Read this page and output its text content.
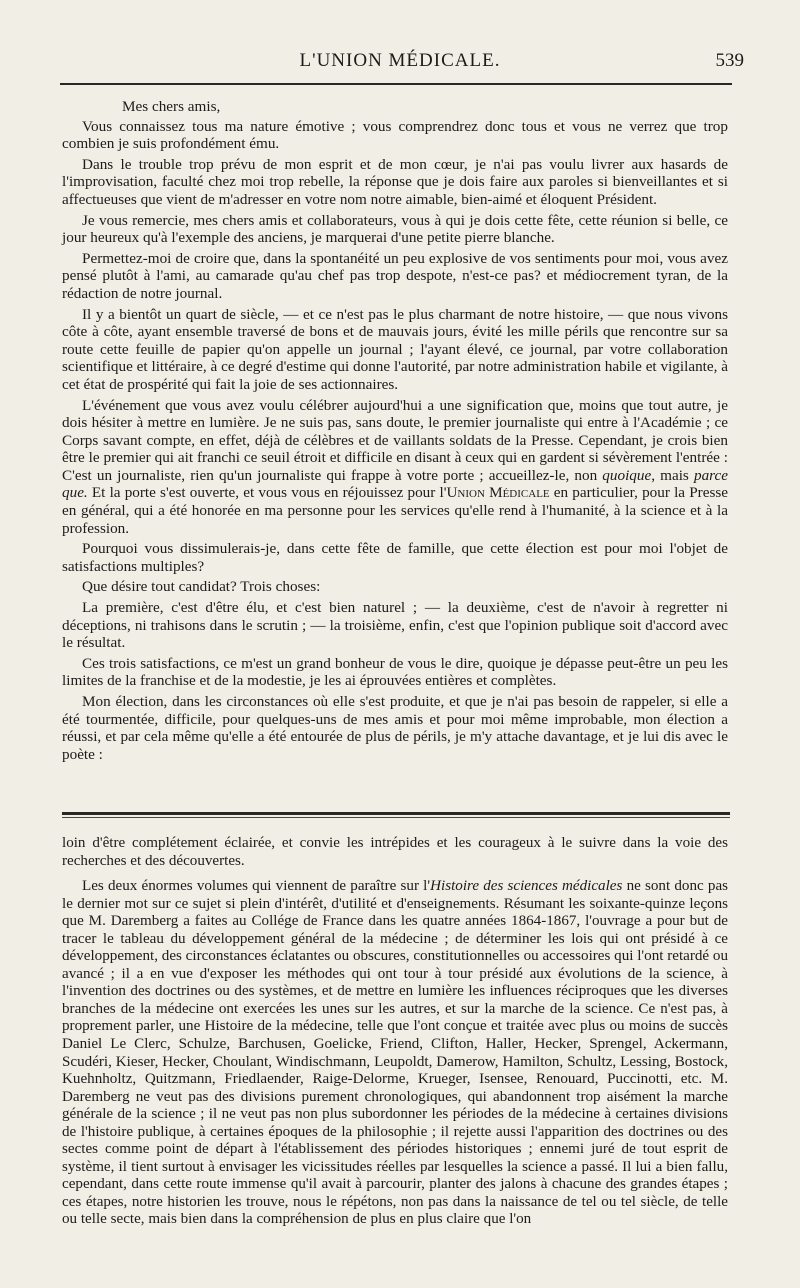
L'UNION MÉDICALE.	539

Mes chers amis,

Vous connaissez tous ma nature émotive ; vous comprendrez donc tous et vous ne verrez que trop combien je suis profondément ému.

Dans le trouble trop prévu de mon esprit et de mon cœur, je n'ai pas voulu livrer aux hasards de l'improvisation, faculté chez moi trop rebelle, la réponse que je dois faire aux paroles si bienveillantes et si affectueuses que vient de m'adresser en votre nom notre aimable, bien-aimé et éloquent Président.

Je vous remercie, mes chers amis et collaborateurs, vous à qui je dois cette fête, cette réunion si belle, ce jour heureux qu'à l'exemple des anciens, je marquerai d'une petite pierre blanche.

Permettez-moi de croire que, dans la spontanéité un peu explosive de vos sentiments pour moi, vous avez pensé plutôt à l'ami, au camarade qu'au chef pas trop despote, n'est-ce pas? et médiocrement tyran, de la rédaction de notre journal.

Il y a bientôt un quart de siècle, — et ce n'est pas le plus charmant de notre histoire, — que nous vivons côte à côte, ayant ensemble traversé de bons et de mauvais jours, évité les mille périls que rencontre sur sa route cette feuille de papier qu'on appelle un journal ; l'ayant élevé, ce journal, par votre collaboration scientifique et littéraire, à ce degré d'estime qui donne l'autorité, par notre administration habile et vigilante, à cet état de prospérité qui fait la joie de ses actionnaires.

L'événement que vous avez voulu célébrer aujourd'hui a une signification que, moins que tout autre, je dois hésiter à mettre en lumière. Je ne suis pas, sans doute, le premier journaliste qui entre à l'Académie ; ce Corps savant compte, en effet, déjà de célèbres et de vaillants soldats de la Presse. Cependant, je crois bien être le premier qui ait franchi ce seuil étroit et difficile en disant à ceux qui en gardent si sévèrement l'entrée : C'est un journaliste, rien qu'un journaliste qui frappe à votre porte ; accueillez-le, non quoique, mais parce que. Et la porte s'est ouverte, et vous vous en réjouissez pour l'Union Médicale en particulier, pour la Presse en général, qui a été honorée en ma personne pour les services qu'elle rend à l'humanité, à la science et à la profession.

Pourquoi vous dissimulerais-je, dans cette fête de famille, que cette élection est pour moi l'objet de satisfactions multiples?

Que désire tout candidat? Trois choses:

La première, c'est d'être élu, et c'est bien naturel ; — la deuxième, c'est de n'avoir à regretter ni déceptions, ni trahisons dans le scrutin ; — la troisième, enfin, c'est que l'opinion publique soit d'accord avec le résultat.

Ces trois satisfactions, ce m'est un grand bonheur de vous le dire, quoique je dépasse peut-être un peu les limites de la franchise et de la modestie, je les ai éprouvées entières et complètes.

Mon élection, dans les circonstances où elle s'est produite, et que je n'ai pas besoin de rappeler, si elle a été tourmentée, difficile, pour quelques-uns de mes amis et pour moi même improbable, mon élection a réussi, et par cela même qu'elle a été entourée de plus de périls, je m'y attache davantage, et je lui dis avec le poète :

loin d'être complétement éclairée, et convie les intrépides et les courageux à le suivre dans la voie des recherches et des découvertes.

Les deux énormes volumes qui viennent de paraître sur l'Histoire des sciences médicales ne sont donc pas le dernier mot sur ce sujet si plein d'intérêt, d'utilité et d'enseignements. Résumant les soixante-quinze leçons que M. Daremberg a faites au Collége de France dans les quatre années 1864-1867, l'ouvrage a pour but de tracer le tableau du développement général de la médecine ; de déterminer les lois qui ont présidé à ce développement, des circonstances éclatantes ou obscures, constitutionnelles ou accessoires qui l'ont retardé ou avancé ; il a en vue d'exposer les méthodes qui ont tour à tour présidé aux évolutions de la science, à l'invention des doctrines ou des systèmes, et de mettre en lumière les influences réciproques que les diverses branches de la médecine ont exercées les unes sur les autres, et sur la marche de la science. Ce n'est pas, à proprement parler, une Histoire de la médecine, telle que l'ont conçue et traitée avec plus ou moins de succès Daniel Le Clerc, Schulze, Barchusen, Goelicke, Friend, Clifton, Haller, Hecker, Sprengel, Ackermann, Scudéri, Kieser, Hecker, Choulant, Windischmann, Leupoldt, Damerow, Hamilton, Schultz, Lessing, Bostock, Kuehnholtz, Quitzmann, Friedlaender, Raige-Delorme, Krueger, Isensee, Renouard, Puccinotti, etc. M. Daremberg ne veut pas des divisions purement chronologiques, qui abandonnent trop aisément la marche générale de la science ; il ne veut pas non plus subordonner les périodes de la médecine à certaines divisions de l'histoire publique, à certaines époques de la philosophie ; il rejette aussi l'apparition des doctrines ou des sectes comme point de départ à l'établissement des périodes historiques ; ennemi juré de tout esprit de système, il tient surtout à envisager les vicissitudes réelles par lesquelles la science a passé. Il lui a bien fallu, cependant, dans cette route immense qu'il avait à parcourir, planter des jalons à chacune des grandes étapes ; ces étapes, notre historien les trouve, nous le répétons, non pas dans la naissance de tel ou tel siècle, de telle ou telle secte, mais bien dans la compréhension de plus en plus claire que l'on
